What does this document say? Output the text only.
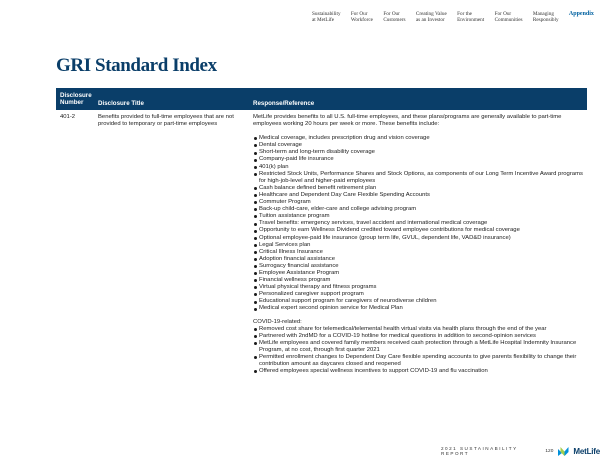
Sustainability
at MetLife
For Our
Workforce
For Our
Customers
Creating Value
as an Investor
For the
Environment
For Our
Communities
Managing
Responsibly
Appendix
GRI Standard Index
Disclosure
Number	Disclosure Title	Response/Reference
401-2	Benefits provided to full-time employees that are not provided to temporary or part-time employees

MetLife provides benefits to all U.S. full-time employees, and these plans/programs are generally available to part-time employees working 20 hours per week or more. These benefits include:

Medical coverage, includes prescription drug and vision coverage
Dental coverage
Short-term and long-term disability coverage
Company-paid life insurance
401(k) plan
Restricted Stock Units, Performance Shares and Stock Options, as components of our Long Term Incentive Award programs for high-job-level and higher-paid employees
Cash balance defined benefit retirement plan
Healthcare and Dependent Day Care Flexible Spending Accounts
Commuter Program
Back-up child-care, elder-care and college advising program
Tuition assistance program
Travel benefits: emergency services, travel accident and international medical coverage
Opportunity to earn Wellness Dividend credited toward employee contributions for medical coverage
Optional employee-paid life insurance (group term life, GVUL, dependent life, VAD&D insurance)
Legal Services plan
Critical Illness Insurance
Adoption financial assistance
Surrogacy financial assistance
Employee Assistance Program
Financial wellness program
Virtual physical therapy and fitness programs
Personalized caregiver support program
Educational support program for caregivers of neurodiverse children
Medical expert second opinion service for Medical Plan

COVID-19-related:

Removed cost share for telemedical/telemental health virtual visits via health plans through the end of the year
Partnered with 2ndMD for a COVID-19 hotline for medical questions in addition to second-opinion services
MetLife employees and covered family members received cash protection through a MetLife Hospital Indemnity Insurance Program, at no cost, through first quarter 2021
Permitted enrollment changes to Dependent Day Care flexible spending accounts to give parents flexibility to change their contribution amount as daycares closed and reopened
Offered employees special wellness incentives to support COVID-19 and flu vaccination
2021 SUSTAINABILITY REPORT	120	MetLife
